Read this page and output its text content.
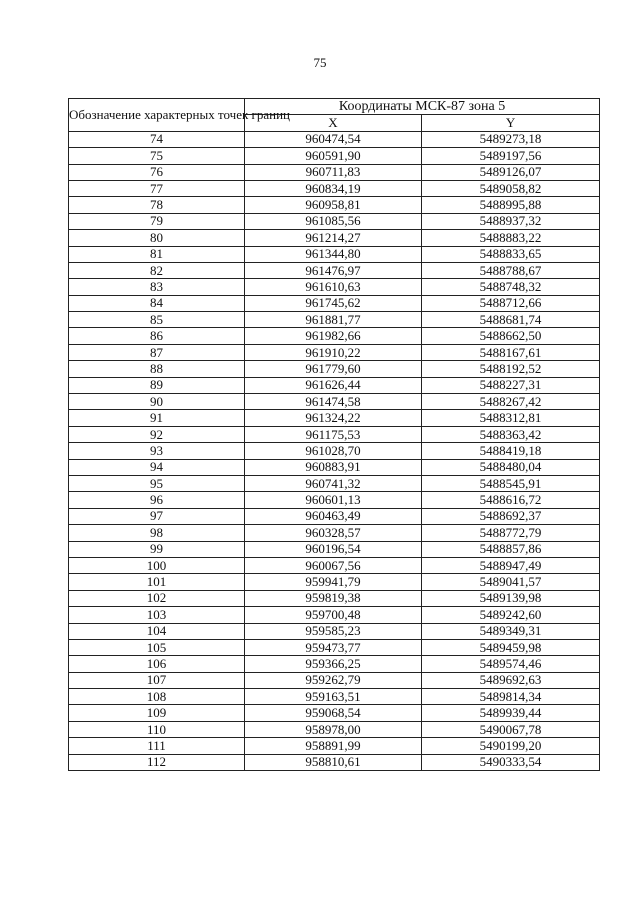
75
Обозначение характерных точек границ	Координаты МСК-87 зона 5	
	X	Y
74	960474,54	5489273,18
75	960591,90	5489197,56
76	960711,83	5489126,07
77	960834,19	5489058,82
78	960958,81	5488995,88
79	961085,56	5488937,32
80	961214,27	5488883,22
81	961344,80	5488833,65
82	961476,97	5488788,67
83	961610,63	5488748,32
84	961745,62	5488712,66
85	961881,77	5488681,74
86	961982,66	5488662,50
87	961910,22	5488167,61
88	961779,60	5488192,52
89	961626,44	5488227,31
90	961474,58	5488267,42
91	961324,22	5488312,81
92	961175,53	5488363,42
93	961028,70	5488419,18
94	960883,91	5488480,04
95	960741,32	5488545,91
96	960601,13	5488616,72
97	960463,49	5488692,37
98	960328,57	5488772,79
99	960196,54	5488857,86
100	960067,56	5488947,49
101	959941,79	5489041,57
102	959819,38	5489139,98
103	959700,48	5489242,60
104	959585,23	5489349,31
105	959473,77	5489459,98
106	959366,25	5489574,46
107	959262,79	5489692,63
108	959163,51	5489814,34
109	959068,54	5489939,44
110	958978,00	5490067,78
111	958891,99	5490199,20
112	958810,61	5490333,54
